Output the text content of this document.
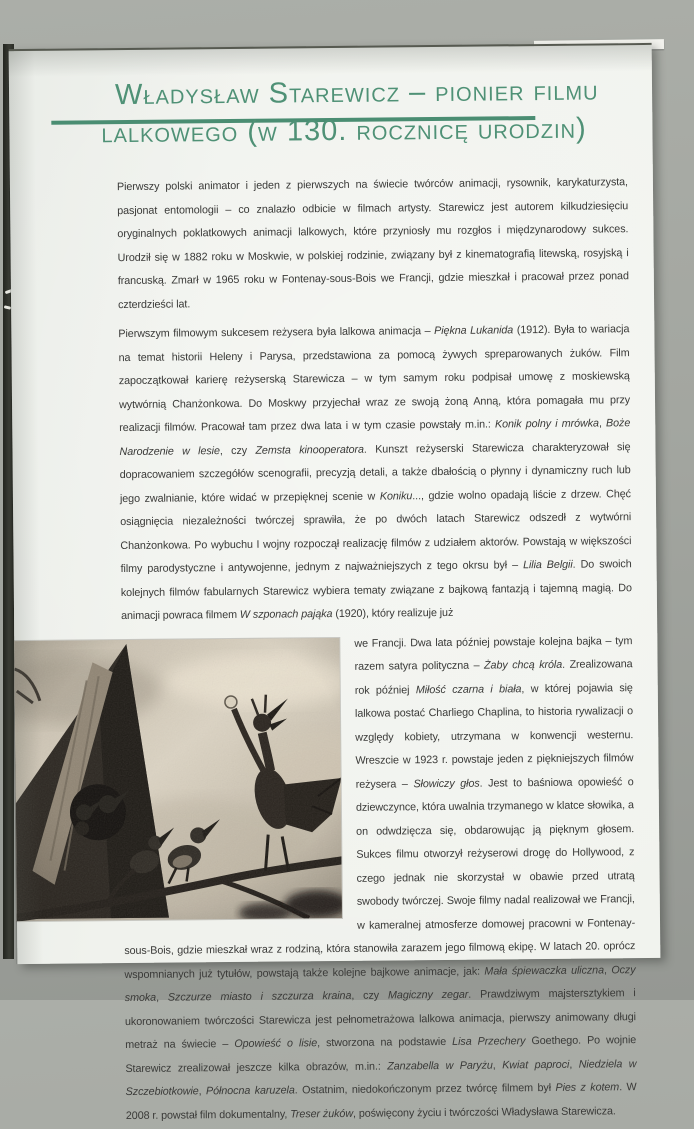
Władysław Starewicz – pionier filmu
lalkowego (w 130. rocznicę urodzin)

Pierwszy polski animator i jeden z pierwszych na świecie twórców animacji, rysownik, karykaturzysta, pasjonat entomologii – co znalazło odbicie w filmach artysty. Starewicz jest autorem kilkudziesięciu oryginalnych poklatkowych animacji lalkowych, które przyniosły mu rozgłos i międzynarodowy sukces. Urodził się w 1882 roku w Moskwie, w polskiej rodzinie, związany był z kinematografią litewską, rosyjską i francuską. Zmarł w 1965 roku w Fontenay-sous-Bois we Francji, gdzie mieszkał i pracował przez ponad czterdzieści lat.

Pierwszym filmowym sukcesem reżysera była lalkowa animacja – Piękna Lukanida (1912). Była to wariacja na temat historii Heleny i Parysa, przedstawiona za pomocą żywych spreparowanych żuków. Film zapoczątkował karierę reżyserską Starewicza – w tym samym roku podpisał umowę z moskiewską wytwórnią Chanżonkowa. Do Moskwy przyjechał wraz ze swoją żoną Anną, która pomagała mu przy realizacji filmów. Pracował tam przez dwa lata i w tym czasie powstały m.in.: Konik polny i mrówka, Boże Narodzenie w lesie, czy Zemsta kinooperatora. Kunszt reżyserski Starewicza charakteryzował się dopracowaniem szczegółów scenografii, precyzją detali, a także dbałością o płynny i dynamiczny ruch lub jego zwalnianie, które widać w przepięknej scenie w Koniku..., gdzie wolno opadają liście z drzew. Chęć osiągnięcia niezależności twórczej sprawiła, że po dwóch latach Starewicz odszedł z wytwórni Chanżonkowa. Po wybuchu I wojny rozpoczął realizację filmów z udziałem aktorów. Powstają w większości filmy parodystyczne i antywojenne, jednym z najważniejszych z tego okrsu był – Lilia Belgii. Do swoich kolejnych filmów fabularnych Starewicz wybiera tematy związane z bajkową fantazją i tajemną magią. Do animacji powraca filmem W szponach pająka (1920), który realizuje już

we Francji. Dwa lata później powstaje kolejna bajka – tym razem satyra polityczna – Żaby chcą króla. Zrealizowana rok później Miłość czarna i biała, w której pojawia się lalkowa postać Charliego Chaplina, to historia rywalizacji o względy kobiety, utrzymana w konwencji westernu. Wreszcie w 1923 r. powstaje jeden z piękniejszych filmów reżysera – Słowiczy głos. Jest to baśniowa opowieść o dziewczynce, która uwalnia trzymanego w klatce słowika, a on odwdzięcza się, obdarowując ją pięknym głosem. Sukces filmu otworzył reżyserowi drogę do Hollywood, z czego jednak nie skorzystał w obawie przed utratą swobody twórczej. Swoje filmy nadal realizował we Francji, w kameralnej atmosferze domowej pracowni w Fontenay-sous-Bois, gdzie mieszkał wraz z rodziną, która stanowiła zarazem jego filmową ekipę. W latach 20. oprócz wspomnianych już tytułów, powstają także kolejne bajkowe animacje, jak: Mała śpiewaczka uliczna, Oczy smoka, Szczurze miasto i szczurza kraina, czy Magiczny zegar. Prawdziwym majstersztykiem i ukoronowaniem twórczości Starewicza jest pełnometrażowa lalkowa animacja, pierwszy animowany długi metraż na świecie – Opowieść o lisie, stworzona na podstawie Lisa Przechery Goethego. Po wojnie Starewicz zrealizował jeszcze kilka obrazów, m.in.: Zanzabella w Paryżu, Kwiat paproci, Niedziela w Szczebiotkowie, Północna karuzela. Ostatnim, niedokończonym przez twórcę filmem był Pies z kotem. W 2008 r. powstał film dokumentalny, Treser żuków, poświęcony życiu i twórczości Władysława Starewicza.
